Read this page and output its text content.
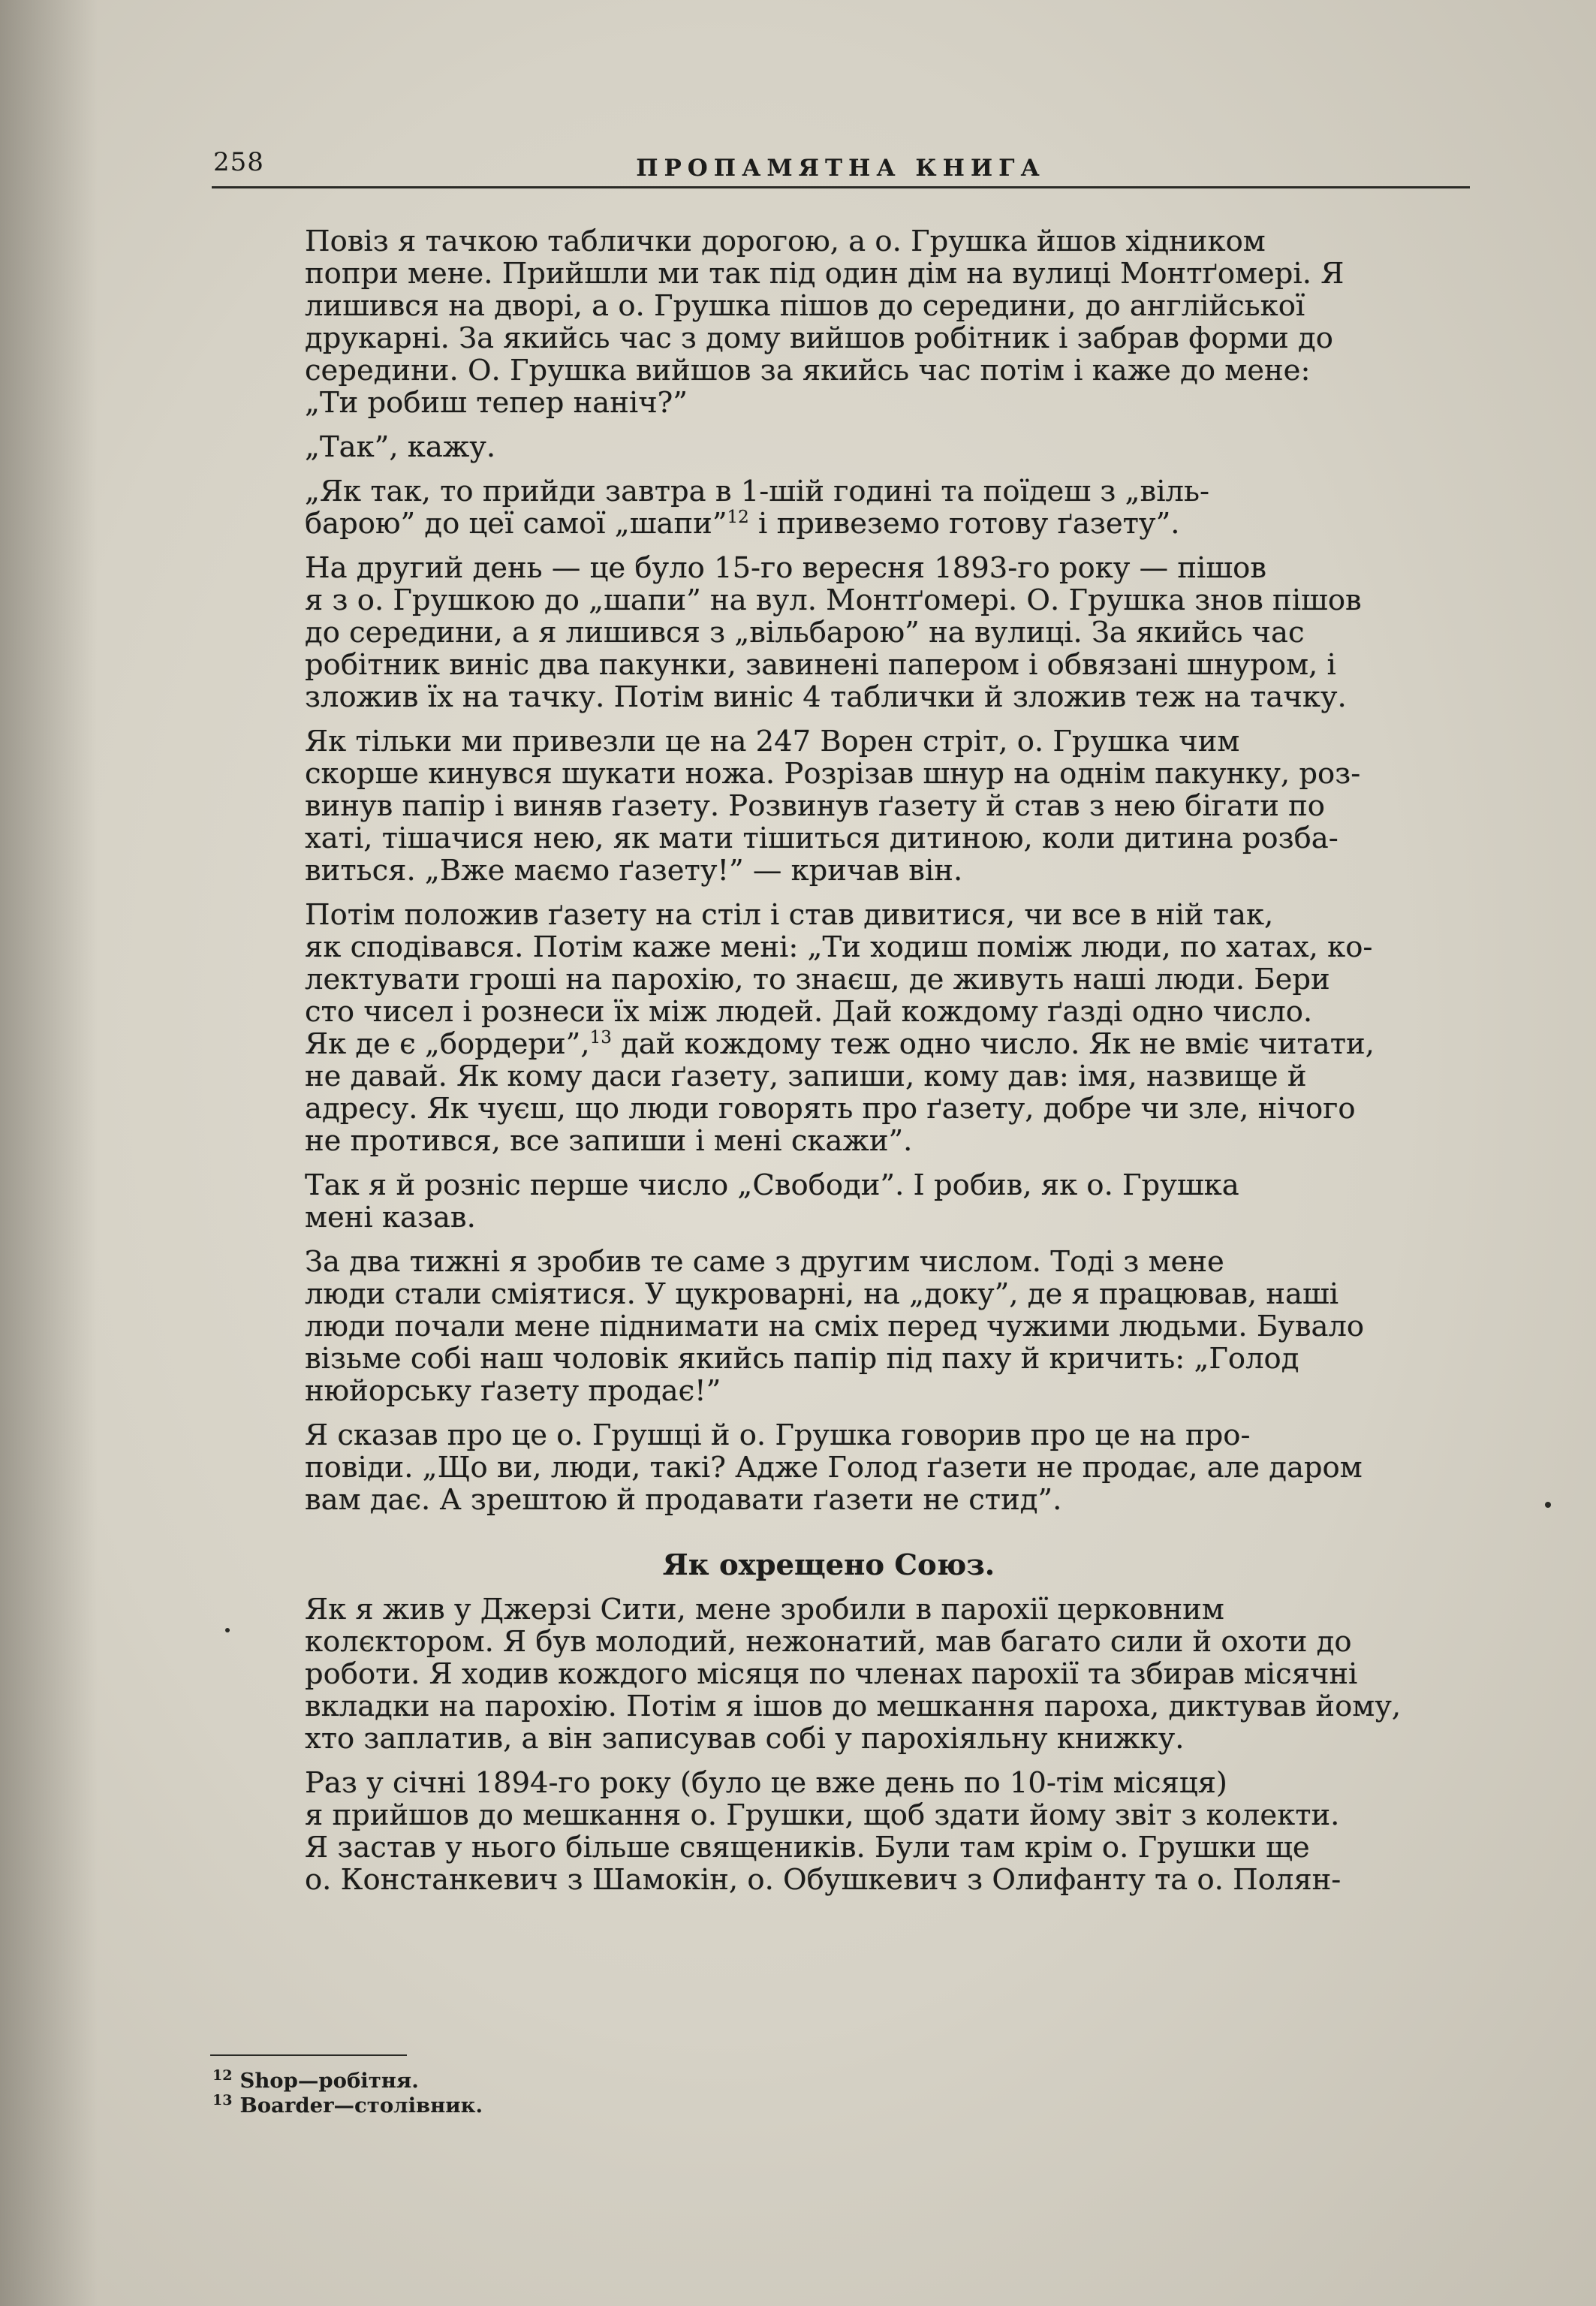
258	ПРОПАМЯТНА КНИГА

Повіз я тачкою таблички дорогою, а о. Грушка йшов хідником
попри мене. Прийшли ми так під один дім на вулиці Монтґомері. Я
лишився на дворі, а о. Грушка пішов до середини, до англійської
друкарні. За якийсь час з дому вийшов робітник і забрав форми до
середини. О. Грушка вийшов за якийсь час потім і каже до мене:
„Ти робиш тепер наніч?”

„Так”, кажу.

„Як так, то прийди завтра в 1-шій годині та поїдеш з „віль-
барою” до цеї самої „шапи”$^{12}$ і привеземо готову ґазету”.

На другий день — це було 15-го вересня 1893-го року — пішов
я з о. Грушкою до „шапи” на вул. Монтґомері. О. Грушка знов пішов
до середини, а я лишився з „вільбарою” на вулиці. За якийсь час
робітник виніс два пакунки, завинені папером і обвязані шнуром, і
зложив їх на тачку. Потім виніс 4 таблички й зложив теж на тачку.

Як тільки ми привезли це на 247 Ворен стріт, о. Грушка чим
скорше кинувся шукати ножа. Розрізав шнур на однім пакунку, роз-
винув папір і виняв ґазету. Розвинув ґазету й став з нею бігати по
хаті, тішачися нею, як мати тішиться дитиною, коли дитина розба-
виться. „Вже маємо ґазету!” — кричав він.

Потім положив ґазету на стіл і став дивитися, чи все в ній так,
як сподівався. Потім каже мені: „Ти ходиш поміж люди, по хатах, ко-
лектувати гроші на парохію, то знаєш, де живуть наші люди. Бери
сто чисел і рознеси їх між людей. Дай кождому ґазді одно число.
Як де є „бордери”,$^{13}$ дай кождому теж одно число. Як не вміє читати,
не давай. Як кому даси ґазету, запиши, кому дав: імя, назвище й
адресу. Як чуєш, що люди говорять про ґазету, добре чи зле, нічого
не протився, все запиши і мені скажи”.

Так я й розніс перше число „Свободи”. І робив, як о. Грушка
мені казав.

За два тижні я зробив те саме з другим числом. Тоді з мене
люди стали сміятися. У цукроварні, на „доку”, де я працював, наші
люди почали мене піднимати на сміх перед чужими людьми. Бувало
візьме собі наш чоловік якийсь папір під паху й кричить: „Голод
нюйорську ґазету продає!”

Я сказав про це о. Грушці й о. Грушка говорив про це на про-
повіди. „Що ви, люди, такі? Адже Голод ґазети не продає, але даром
вам дає. А зрештою й продавати ґазети не стид”.

Як охрещено Союз.

Як я жив у Джерзі Сити, мене зробили в парохії церковним
колєктором. Я був молодий, нежонатий, мав багато сили й охоти до
роботи. Я ходив кождого місяця по членах парохії та збирав місячні
вкладки на парохію. Потім я ішов до мешкання пароха, диктував йому,
хто заплатив, а він записував собі у парохіяльну книжку.

Раз у січні 1894-го року (було це вже день по 10-тім місяця)
я прийшов до мешкання о. Грушки, щоб здати йому звіт з колекти.
Я застав у нього більше священиків. Були там крім о. Грушки ще
о. Констанкевич з Шамокін, о. Обушкевич з Олифанту та о. Полян-

$^{12}$ Shop—робітня.
$^{13}$ Boarder—столівник.
